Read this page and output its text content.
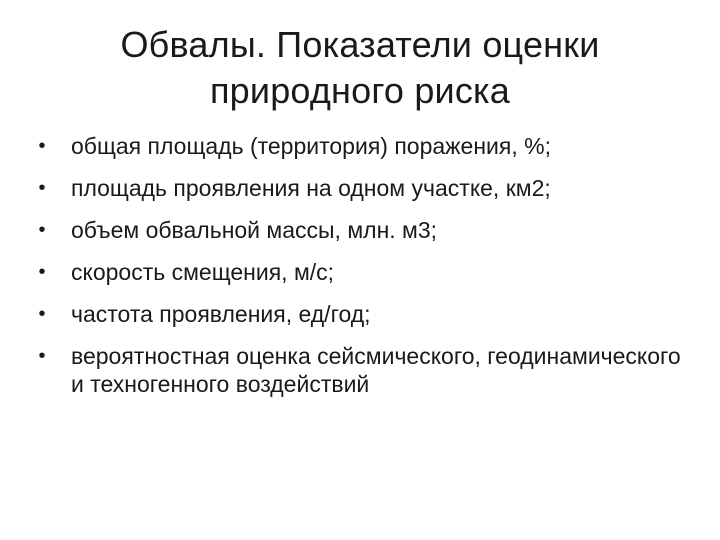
Обвалы. Показатели оценки
природного риска
• общая площадь (территория) поражения, %;
• площадь проявления на одном участке, км2;
• объем обвальной массы, млн. м3;
• скорость смещения, м/с;
• частота проявления, ед/год;
• вероятностная оценка сейсмического, геодинамического и техногенного воздействий
